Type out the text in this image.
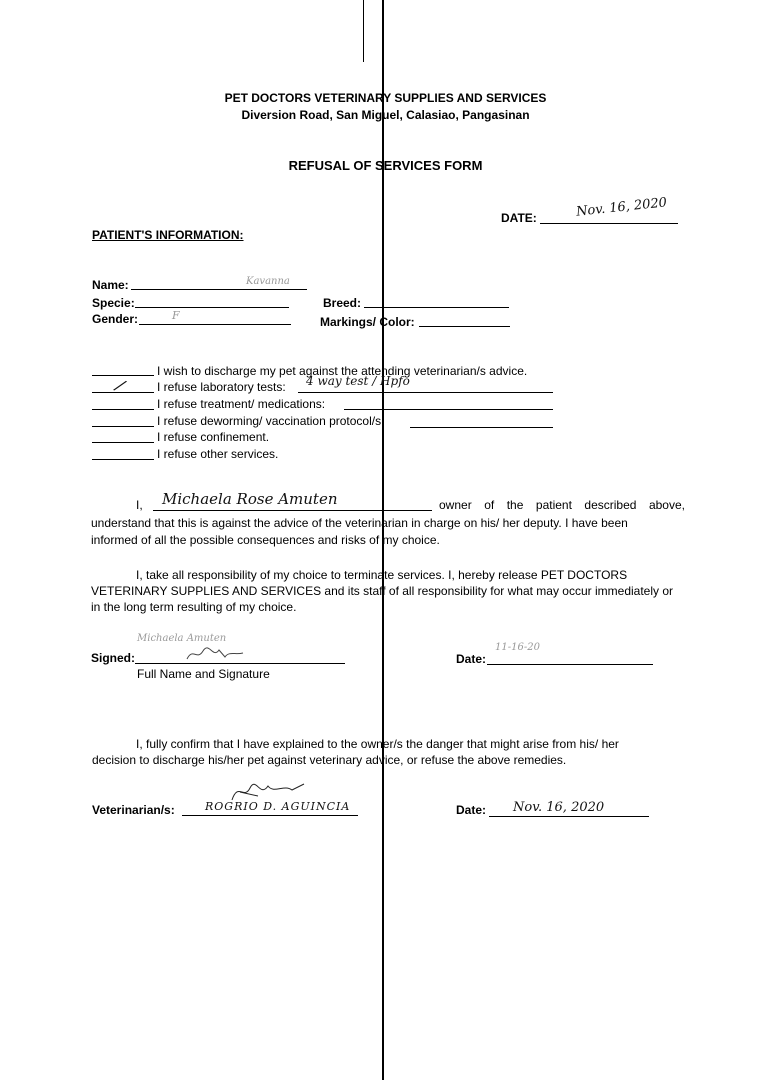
PET DOCTORS VETERINARY SUPPLIES AND SERVICES
Diversion Road, San Miguel, Calasiao, Pangasinan
REFUSAL OF SERVICES FORM
DATE:	Nov. 16, 2020
PATIENT'S INFORMATION:
Name:	Kavanna
Specie:	Breed:
Gender:	F	Markings/ Color:
I wish to discharge my pet against the attending veterinarian/s advice.
/ I refuse laboratory tests: 4 way test / Hpfo
I refuse treatment/ medications:
I refuse deworming/ vaccination protocol/s.
I refuse confinement.
I refuse other services.
I, Michaela Rose Amuten	owner of the patient described above,
understand that this is against the advice of the veterinarian in charge on his/ her deputy. I have been
informed of all the possible consequences and risks of my choice.
I, take all responsibility of my choice to terminate services. I, hereby release PET DOCTORS
VETERINARY SUPPLIES AND SERVICES and its staff of all responsibility for what may occur immediately or
in the long term resulting of my choice.
Signed:
Michaela Amuten
Full Name and Signature
Date:
11-16-20
I, fully confirm that I have explained to the owner/s the danger that might arise from his/ her
decision to discharge his/her pet against veterinary advice, or refuse the above remedies.
Veterinarian/s:	ROGRIO D. AGUINCIA	Date: Nov. 16, 2020
